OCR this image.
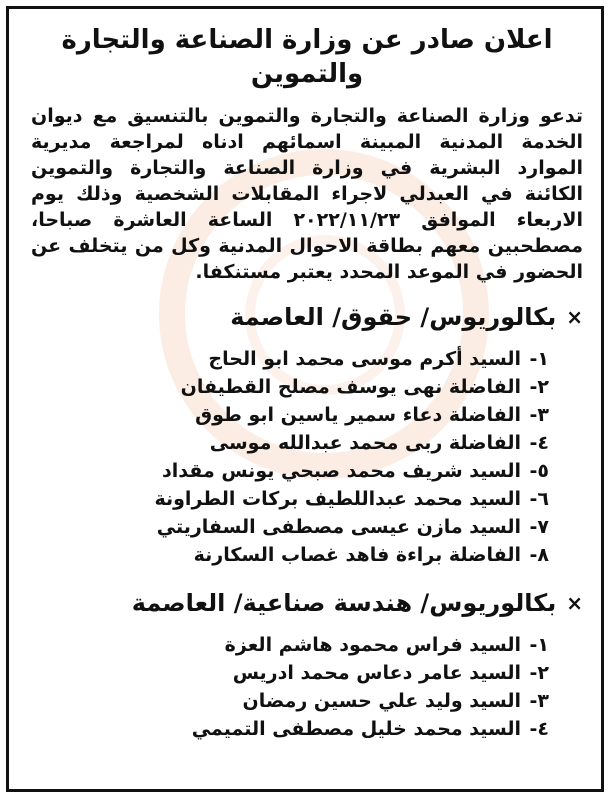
اعلان صادر عن وزارة الصناعة والتجارة والتموين

تدعو وزارة الصناعة والتجارة والتموين بالتنسيق مع ديوان الخدمة المدنية المبينة اسمائهم ادناه لمراجعة مديرية الموارد البشرية في وزارة الصناعة والتجارة والتموين الكائنة في العبدلي لاجراء المقابلات الشخصية وذلك يوم الاربعاء الموافق ٢٠٢٢/١١/٢٣ الساعة العاشرة صباحا، مصطحبين معهم بطاقة الاحوال المدنية وكل من يتخلف عن الحضور في الموعد المحدد يعتبر مستنكفا.

×
بكالوريوس/ حقوق/ العاصمة
١-
السيد أكرم موسى محمد ابو الحاج
٢-
الفاضلة نهى يوسف مصلح القطيفان
٣-
الفاضلة دعاء سمير ياسين ابو طوق
٤-
الفاضلة ربى محمد عبدالله موسى
٥-
السيد شريف محمد صبحي يونس مقداد
٦-
السيد محمد عبداللطيف بركات الطراونة
٧-
السيد مازن عيسى مصطفى السفاريتي
٨-
الفاضلة براءة فاهد غصاب السكارنة
×
بكالوريوس/ هندسة صناعية/ العاصمة
١-
السيد فراس محمود هاشم العزة
٢-
السيد عامر دعاس محمد ادريس
٣-
السيد وليد علي حسين رمضان
٤-
السيد محمد خليل مصطفى التميمي
